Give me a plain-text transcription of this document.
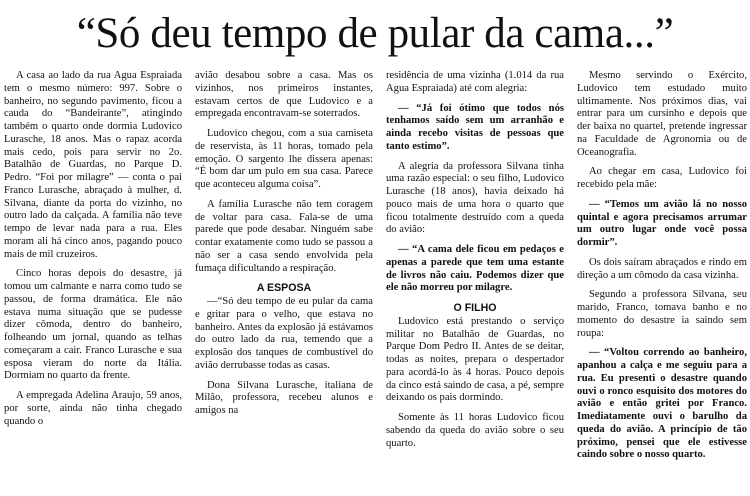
“Só deu tempo de pular da cama...”

A casa ao lado da rua Agua Espraiada tem o mesmo número: 997. Sobre o banheiro, no segundo pavimento, ficou a cauda do “Bandeirante”, atingindo também o quarto onde dormia Ludovico Lurasche, 18 anos. Mas o rapaz acorda mais cedo, pois para servir no 2o. Batalhão de Guardas, no Parque D. Pedro. “Foi por milagre” — conta o pai Franco Lurasche, abraçado à mulher, d. Silvana, diante da porta do vizinho, no outro lado da calçada. A família não teve tempo de levar nada para a rua. Eles moram ali há cinco anos, pagando pouco mais de mil cruzeiros.

Cinco horas depois do desastre, já tomou um calmante e narra como tudo se passou, de forma dramática. Ele não estava numa situação que se pudesse dizer cômoda, dentro do banheiro, folheando um jornal, quando as telhas começaram a cair. Franco Lurasche e sua esposa vieram do norte da Itália. Dormiam no quarto da frente.

A empregada Adelina Araujo, 59 anos, por sorte, ainda não tinha chegado quando o

avião desabou sobre a casa. Mas os vizinhos, nos primeiros instantes, estavam certos de que Ludovico e a empregada encontravam-se soterrados.

Ludovico chegou, com a sua camiseta de reservista, às 11 horas, tomado pela emoção. O sargento lhe dissera apenas: “É bom dar um pulo em sua casa. Parece que aconteceu alguma coisa”.

A família Lurasche não tem coragem de voltar para casa. Fala-se de uma parede que pode desabar. Ninguém sabe contar exatamente como tudo se passou a não ser a casa sendo envolvida pela fumaça dificultando a respiração.

A ESPOSA

—“Só deu tempo de eu pular da cama e gritar para o velho, que estava no banheiro. Antes da explosão já estávamos do outro lado da rua, temendo que a explosão dos tanques de combustível do avião derrubasse todas as casas.

Dona Silvana Lurasche, italiana de Milão, professora, recebeu alunos e amigos na

residência de uma vizinha (1.014 da rua Agua Espraiada) até com alegria:

— “Já foi ótimo que todos nós tenhamos saído sem um arranhão e ainda recebo visitas de pessoas que tanto estimo”.

A alegria da professora Silvana tinha uma razão especial: o seu filho, Ludovico Lurasche (18 anos), havia deixado há pouco mais de uma hora o quarto que ficou totalmente destruído com a queda do avião:

— “A cama dele ficou em pedaços e apenas a parede que tem uma estante de livros não caiu. Podemos dizer que ele não morreu por milagre.

O FILHO

Ludovico está prestando o serviço militar no Batalhão de Guardas, no Parque Dom Pedro II. Antes de se deitar, todas as noites, prepara o despertador para acordá-lo às 4 horas. Pouco depois da cinco está saindo de casa, a pé, sempre deixando os pais dormindo.

Somente às 11 horas Ludovico ficou sabendo da queda do avião sobre o seu quarto.

Mesmo servindo o Exército, Ludovico tem estudado muito ultimamente. Nos próximos dias, vai entrar para um cursinho e depois que der baixa no quartel, pretende ingressar na Faculdade de Agronomia ou de Oceanografia.

Ao chegar em casa, Ludovico foi recebido pela mãe:

— “Temos um avião lá no nosso quintal e agora precisamos arrumar um outro lugar onde você possa dormir”.

Os dois saíram abraçados e rindo em direção a um cômodo da casa vizinha.

Segundo a professora Silvana, seu marido, Franco, tomava banho e no momento do desastre ia saindo sem roupa:

— “Voltou correndo ao banheiro, apanhou a calça e me seguiu para a rua. Eu presenti o desastre quando ouvi o ronco esquisito dos motores do avião e então gritei por Franco. Imediatamente ouvi o barulho da queda do avião. A princípio de tão próximo, pensei que ele estivesse caindo sobre o nosso quarto.
